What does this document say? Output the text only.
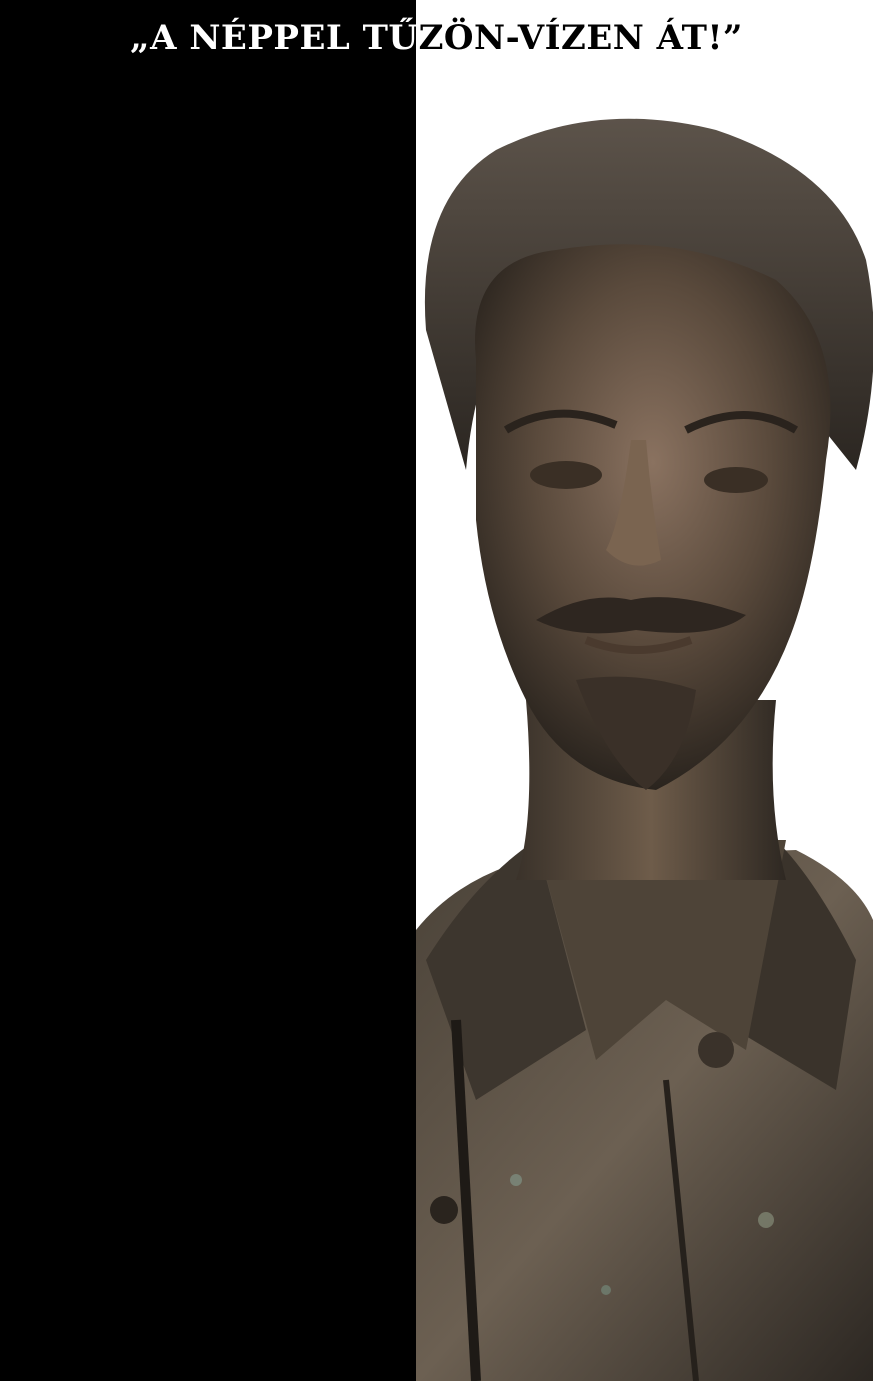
„A NÉPPEL TŰZÖN-VÍZEN ÁT!”
Lantos Imre
fotós
PETŐFI EMLÉKEZET
CSONGRÁD-CSANÁD
VÁRMEGYE
közterületein és
intézmények területein
Apátfalva - Ásotthalom - Bordány - Csongrád
Hódmezővásárhely - Kistelek - Kübekháza
Makó - Mórahalom - Nagymágocs - Sándorfalva
Szeged - Szeged-Kiskundorozsma - Szentes
című
vetítettképes fotókiállítás
a Petőfi 200 emlékév
alkalmából
Közreműködik:
Dobos Rozália vers
Szervező:
Mozgáskorlátozottak Csongrád
Megyei Egyesülete
Szentesi Csoportja
"Előre hát mind, aki költő,
A néppel tűzön-vízen át!
Átok reá, ki elhajítja
Kezéből a nép zászlaját.
Átok reá, ki gyávaságból
Vagy lomhaságból elmarad,
Hogy, míg a nép küzd, fárad, izzad,
Pihenjen ő árnyék alatt!"
Petőfi Sándor
A XIX. század költői
Pest, 1847. január
